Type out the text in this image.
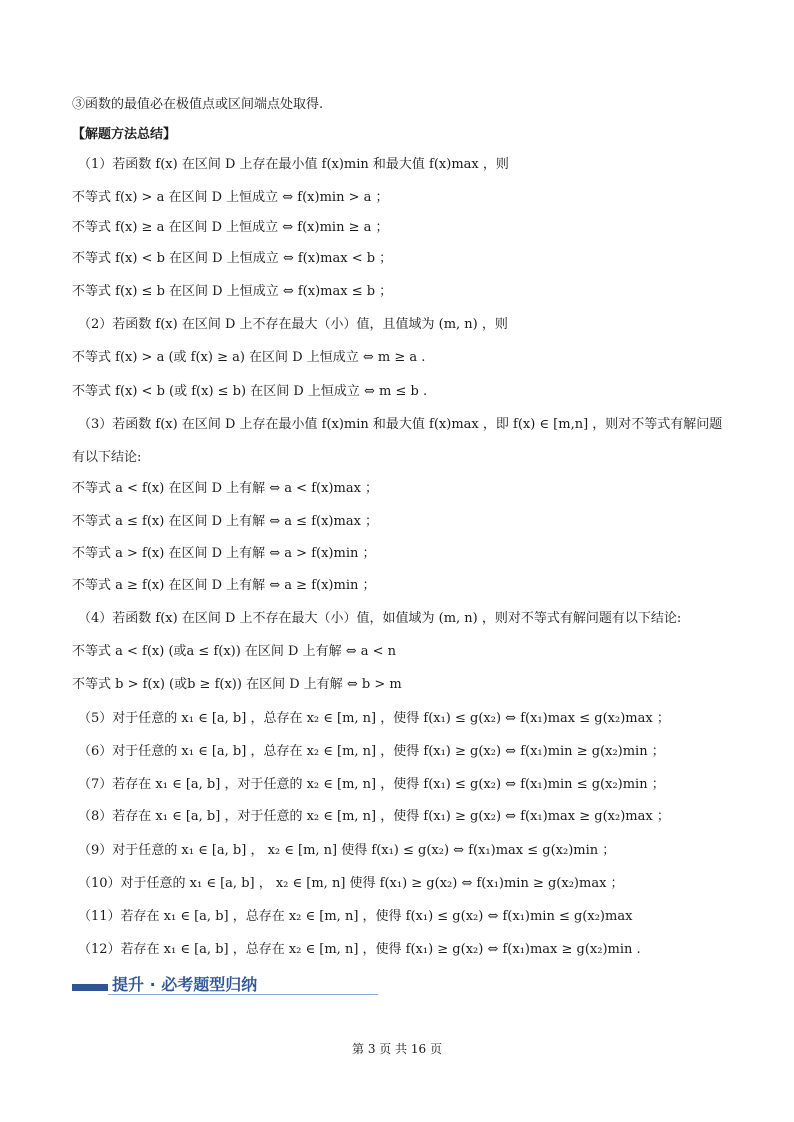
③函数的最值必在极值点或区间端点处取得.
【解题方法总结】
（1）若函数 f(x) 在区间 D 上存在最小值 f(x)min 和最大值 f(x)max ，则
不等式 f(x) > a 在区间 D 上恒成立 ⇔ f(x)min > a ；
不等式 f(x) ≥ a 在区间 D 上恒成立 ⇔ f(x)min ≥ a ；
不等式 f(x) < b 在区间 D 上恒成立 ⇔ f(x)max < b ；
不等式 f(x) ≤ b 在区间 D 上恒成立 ⇔ f(x)max ≤ b ；
（2）若函数 f(x) 在区间 D 上不存在最大（小）值，且值域为 (m, n) ，则
不等式 f(x) > a (或 f(x) ≥ a) 在区间 D 上恒成立 ⇔ m ≥ a .
不等式 f(x) < b (或 f(x) ≤ b) 在区间 D 上恒成立 ⇔ m ≤ b .
（3）若函数 f(x) 在区间 D 上存在最小值 f(x)min 和最大值 f(x)max ，即 f(x) ∈ [m,n] ，则对不等式有解问题
有以下结论:
不等式 a < f(x) 在区间 D 上有解 ⇔ a < f(x)max ；
不等式 a ≤ f(x) 在区间 D 上有解 ⇔ a ≤ f(x)max ；
不等式 a > f(x) 在区间 D 上有解 ⇔ a > f(x)min ；
不等式 a ≥ f(x) 在区间 D 上有解 ⇔ a ≥ f(x)min ；
（4）若函数 f(x) 在区间 D 上不存在最大（小）值，如值域为 (m, n) ，则对不等式有解问题有以下结论:
不等式 a < f(x) (或a ≤ f(x)) 在区间 D 上有解 ⇔ a < n
不等式 b > f(x) (或b ≥ f(x)) 在区间 D 上有解 ⇔ b > m
（5）对于任意的 x₁ ∈ [a, b] ，总存在 x₂ ∈ [m, n] ，使得 f(x₁) ≤ g(x₂) ⇔ f(x₁)max ≤ g(x₂)max ；
（6）对于任意的 x₁ ∈ [a, b] ，总存在 x₂ ∈ [m, n] ，使得 f(x₁) ≥ g(x₂) ⇔ f(x₁)min ≥ g(x₂)min ；
（7）若存在 x₁ ∈ [a, b] ，对于任意的 x₂ ∈ [m, n] ，使得 f(x₁) ≤ g(x₂) ⇔ f(x₁)min ≤ g(x₂)min ；
（8）若存在 x₁ ∈ [a, b] ，对于任意的 x₂ ∈ [m, n] ，使得 f(x₁) ≥ g(x₂) ⇔ f(x₁)max ≥ g(x₂)max ；
（9）对于任意的 x₁ ∈ [a, b] ， x₂ ∈ [m, n] 使得 f(x₁) ≤ g(x₂) ⇔ f(x₁)max ≤ g(x₂)min ；
（10）对于任意的 x₁ ∈ [a, b] ， x₂ ∈ [m, n] 使得 f(x₁) ≥ g(x₂) ⇔ f(x₁)min ≥ g(x₂)max ；
（11）若存在 x₁ ∈ [a, b] ，总存在 x₂ ∈ [m, n] ，使得 f(x₁) ≤ g(x₂) ⇔ f(x₁)min ≤ g(x₂)max
（12）若存在 x₁ ∈ [a, b] ，总存在 x₂ ∈ [m, n] ，使得 f(x₁) ≥ g(x₂) ⇔ f(x₁)max ≥ g(x₂)min .
提升 · 必考题型归纳
第 3 页 共 16 页
